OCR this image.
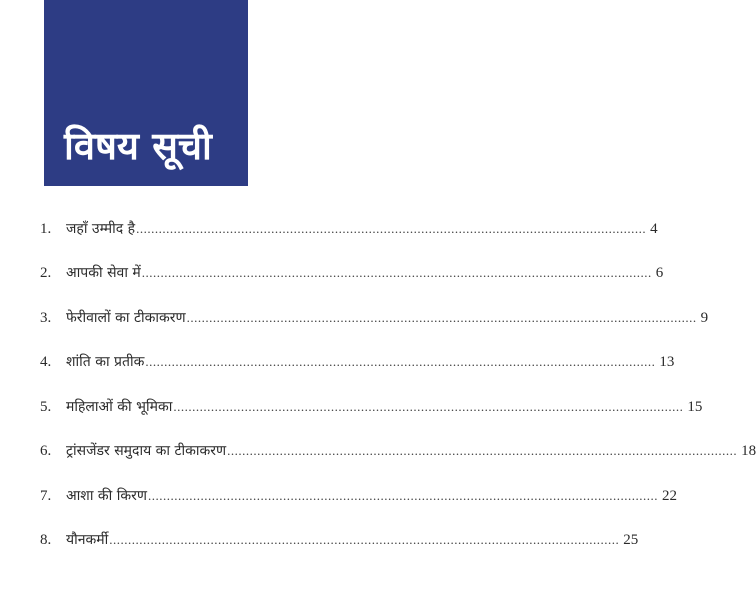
विषय सूची
1.	जहाँ उम्मीद है ........................................................................................................................................ 4
2.	आपकी सेवा में ........................................................................................................................................ 6
3.	फेरीवालों का टीकाकरण ........................................................................................................................................ 9
4.	शांति का प्रतीक ........................................................................................................................................ 13
5.	महिलाओं की भूमिका ........................................................................................................................................ 15
6.	ट्रांसजेंडर समुदाय का टीकाकरण ........................................................................................................................................ 18
7.	आशा की किरण ........................................................................................................................................ 22
8.	यौनकर्मी ........................................................................................................................................ 25
